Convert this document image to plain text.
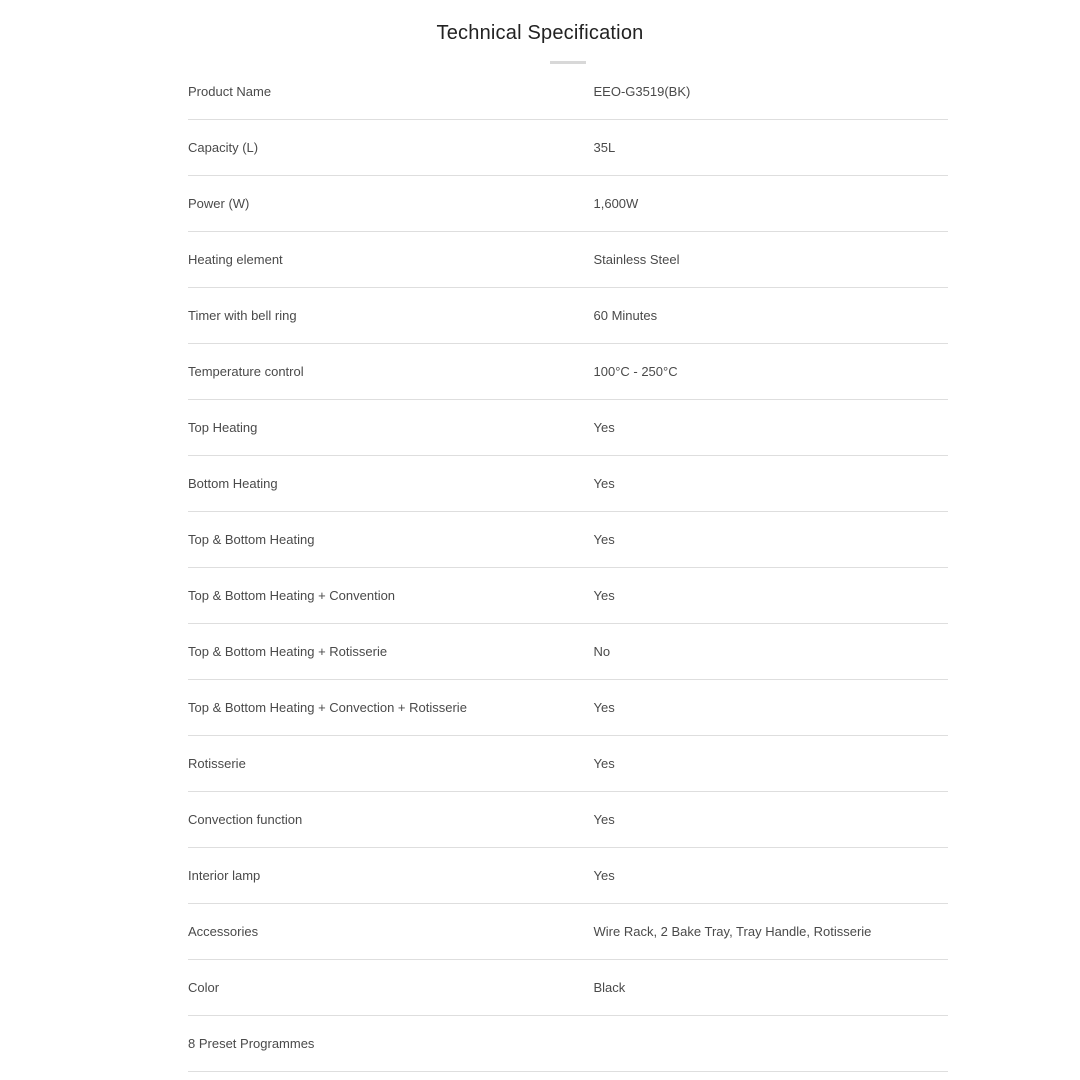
Technical Specification
Product Name	EEO-G3519(BK)
Capacity (L)	35L
Power (W)	1,600W
Heating element	Stainless Steel
Timer with bell ring	60 Minutes
Temperature control	100°C - 250°C
Top Heating	Yes
Bottom Heating	Yes
Top & Bottom Heating	Yes
Top & Bottom Heating + Convention	Yes
Top & Bottom Heating + Rotisserie	No
Top & Bottom Heating + Convection + Rotisserie	Yes
Rotisserie	Yes
Convection function	Yes
Interior lamp	Yes
Accessories	Wire Rack, 2 Bake Tray, Tray Handle, Rotisserie
Color	Black
8 Preset Programmes
